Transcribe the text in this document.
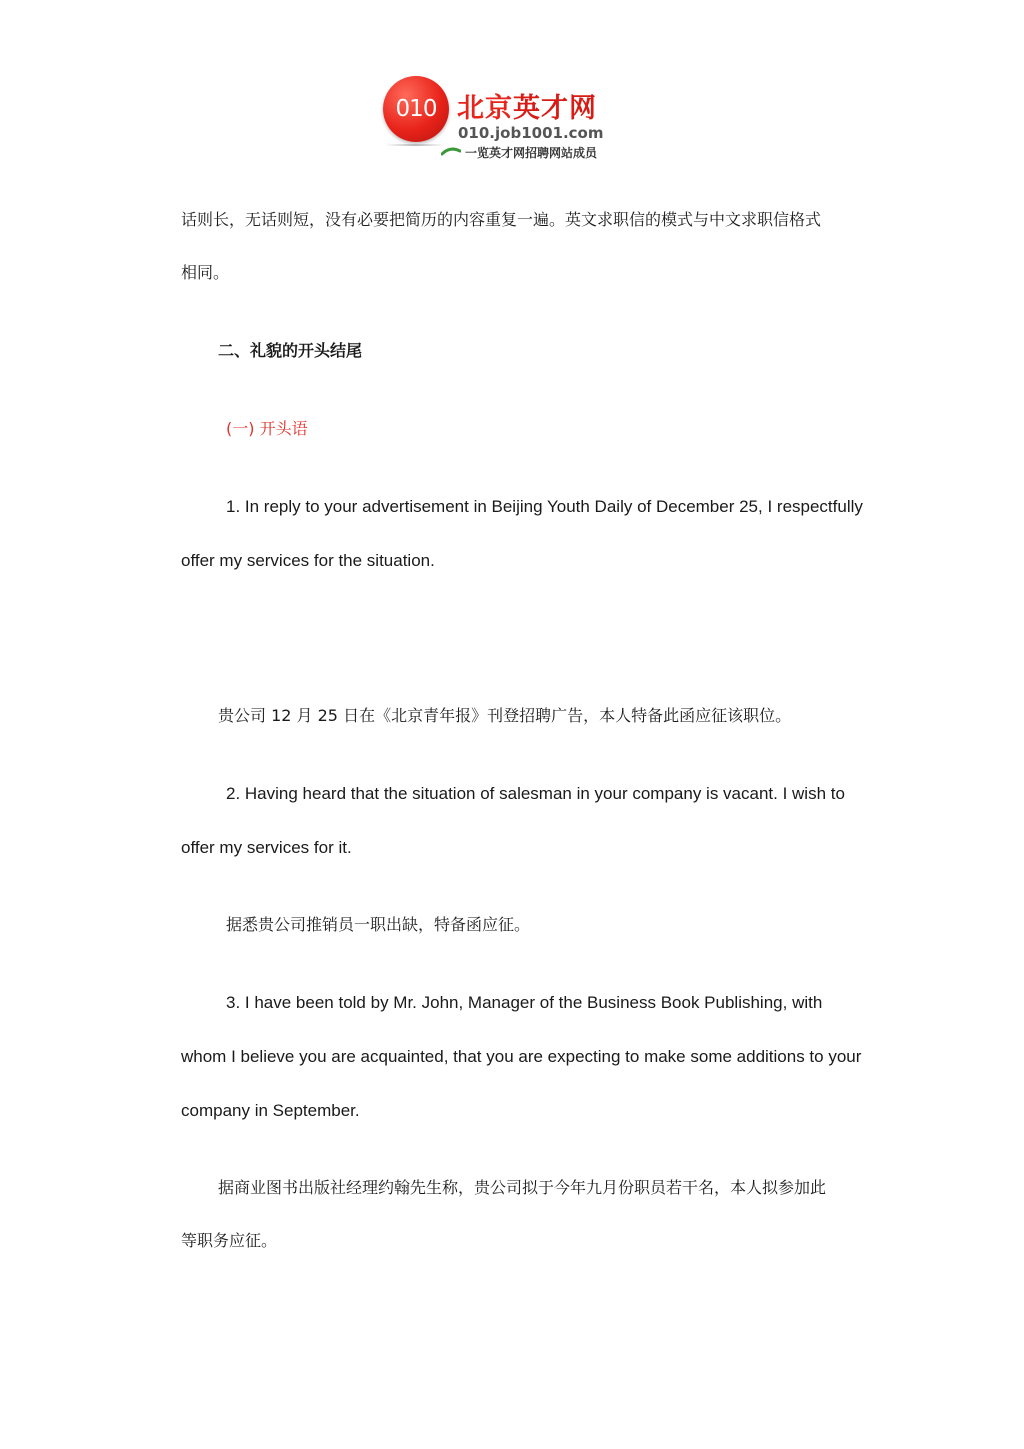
010 北京英才网
010.job1001.com
一览英才网招聘网站成员
话则长，无话则短，没有必要把简历的内容重复一遍。英文求职信的模式与中文求职信格式
相同。
二、礼貌的开头结尾
(一) 开头语
1. In reply to your advertisement in Beijing Youth Daily of December 25, I respectfully
offer my services for the situation.
贵公司 12 月 25 日在《北京青年报》刊登招聘广告，本人特备此函应征该职位。
2. Having heard that the situation of salesman in your company is vacant. I wish to
offer my services for it.
据悉贵公司推销员一职出缺，特备函应征。
3. I have been told by Mr. John, Manager of the Business Book Publishing, with
whom I believe you are acquainted, that you are expecting to make some additions to your
company in September.
据商业图书出版社经理约翰先生称，贵公司拟于今年九月份职员若干名，本人拟参加此
等职务应征。
